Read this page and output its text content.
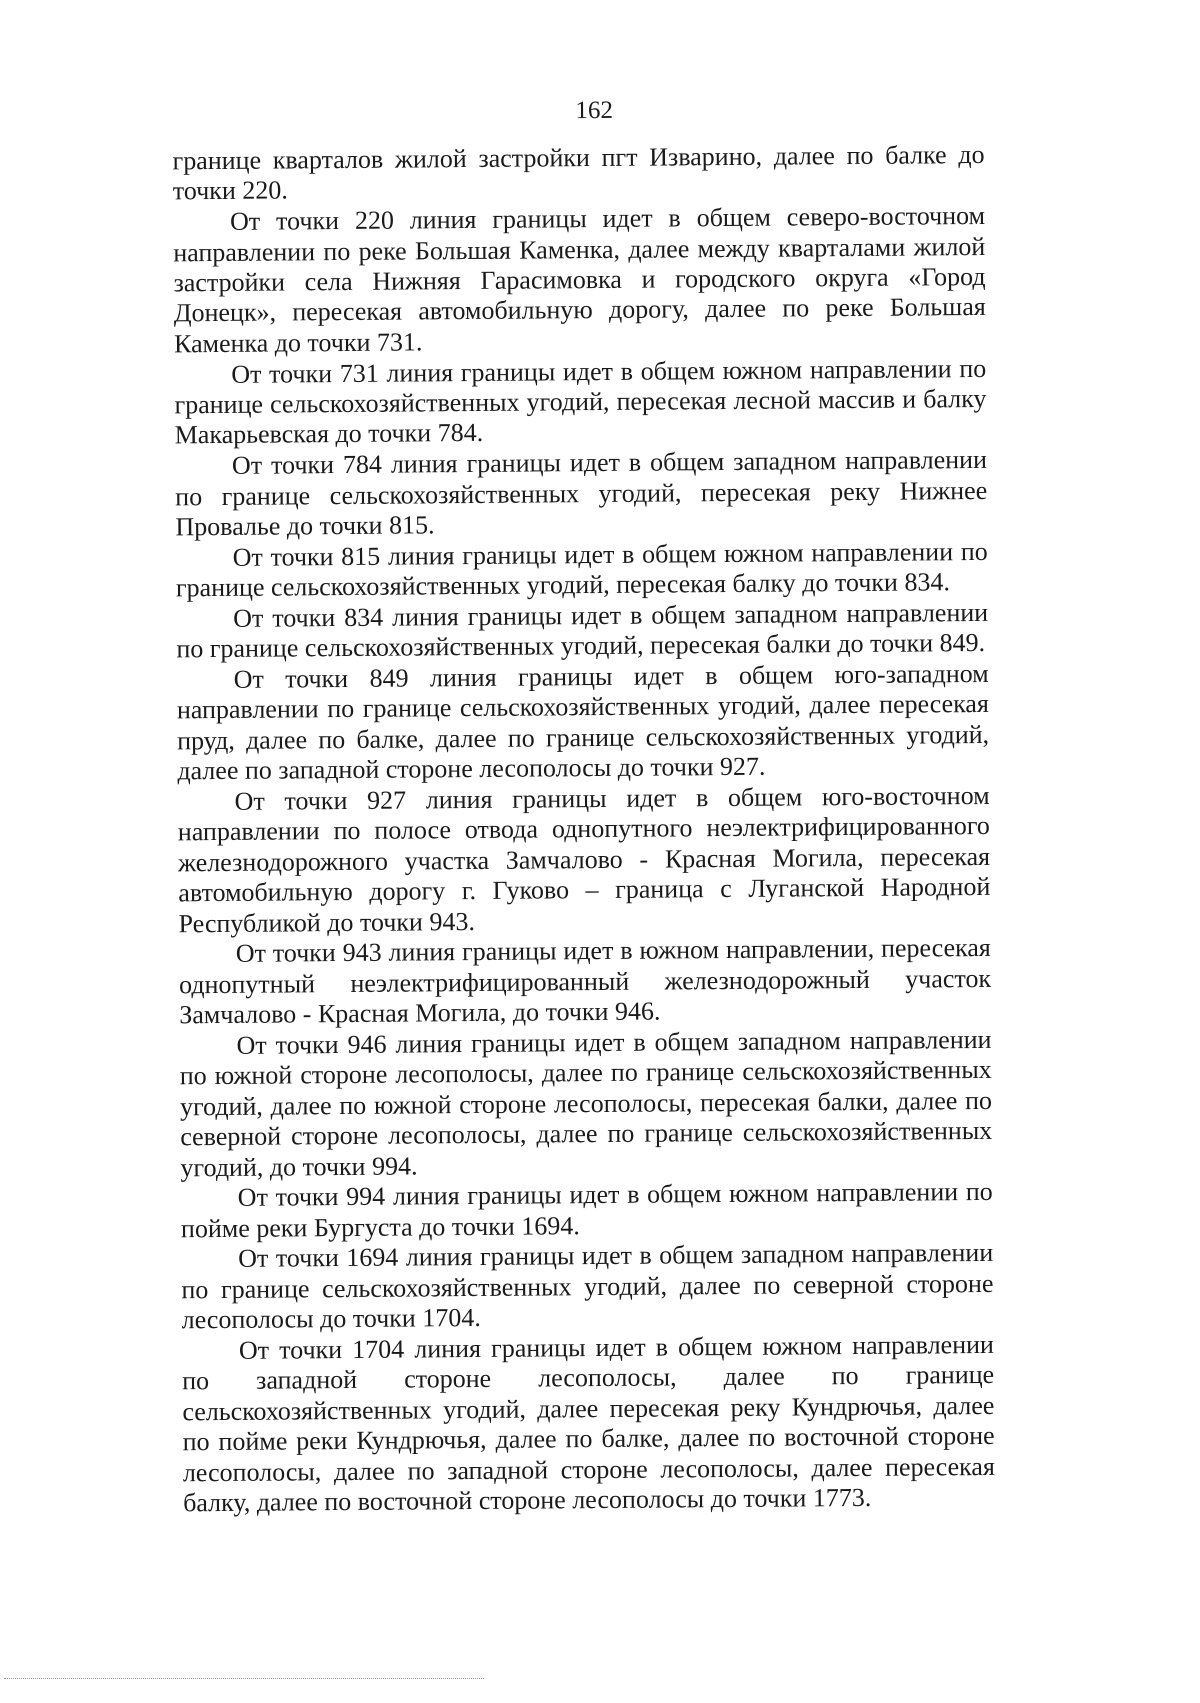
162

границе кварталов жилой застройки пгт Изварино, далее по балке до точки 220.

От точки 220 линия границы идет в общем северо-восточном направлении по реке Большая Каменка, далее между кварталами жилой застройки села Нижняя Гарасимовка и городского округа «Город Донецк», пересекая автомобильную дорогу, далее по реке Большая Каменка до точки 731.

От точки 731 линия границы идет в общем южном направлении по границе сельскохозяйственных угодий, пересекая лесной массив и балку Макарьевская до точки 784.

От точки 784 линия границы идет в общем западном направлении по границе сельскохозяйственных угодий, пересекая реку Нижнее Провалье до точки 815.

От точки 815 линия границы идет в общем южном направлении по границе сельскохозяйственных угодий, пересекая балку до точки 834.

От точки 834 линия границы идет в общем западном направлении по границе сельскохозяйственных угодий, пересекая балки до точки 849.

От точки 849 линия границы идет в общем юго-западном направлении по границе сельскохозяйственных угодий, далее пересекая пруд, далее по балке, далее по границе сельскохозяйственных угодий, далее по западной стороне лесополосы до точки 927.

От точки 927 линия границы идет в общем юго-восточном направлении по полосе отвода однопутного неэлектрифицированного железнодорожного участка Замчалово - Красная Могила, пересекая автомобильную дорогу г. Гуково – граница с Луганской Народной Республикой до точки 943.

От точки 943 линия границы идет в южном направлении, пересекая однопутный неэлектрифицированный железнодорожный участок Замчалово - Красная Могила, до точки 946.

От точки 946 линия границы идет в общем западном направлении по южной стороне лесополосы, далее по границе сельскохозяйственных угодий, далее по южной стороне лесополосы, пересекая балки, далее по северной стороне лесополосы, далее по границе сельскохозяйственных угодий, до точки 994.

От точки 994 линия границы идет в общем южном направлении по пойме реки Бургуста до точки 1694.

От точки 1694 линия границы идет в общем западном направлении по границе сельскохозяйственных угодий, далее по северной стороне лесополосы до точки 1704.

От точки 1704 линия границы идет в общем южном направлении по западной стороне лесополосы, далее по границе сельскохозяйственных угодий, далее пересекая реку Кундрючья, далее по пойме реки Кундрючья, далее по балке, далее по восточной стороне лесополосы, далее по западной стороне лесополосы, далее пересекая балку, далее по восточной стороне лесополосы до точки 1773.
